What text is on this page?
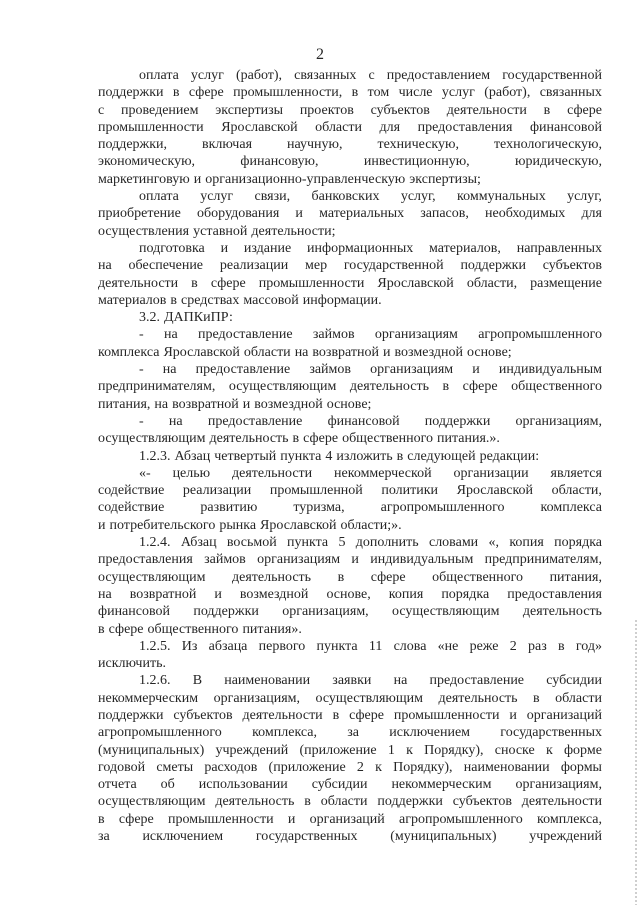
2
оплата услуг (работ), связанных с предоставлением государственной
поддержки в сфере промышленности, в том числе услуг (работ), связанных
с проведением экспертизы проектов субъектов деятельности в сфере
промышленности Ярославской области для предоставления финансовой
поддержки, включая научную, техническую, технологическую,
экономическую,	финансовую,	инвестиционную,	юридическую,
маркетинговую и организационно-управленческую экспертизы;
оплата услуг связи, банковских услуг, коммунальных услуг,
приобретение оборудования и материальных запасов, необходимых для
осуществления уставной деятельности;
подготовка и издание информационных материалов, направленных
на обеспечение реализации мер государственной поддержки субъектов
деятельности в сфере промышленности Ярославской области, размещение
материалов в средствах массовой информации.
3.2. ДАПКиПР:
- на предоставление займов организациям агропромышленного
комплекса Ярославской области на возвратной и возмездной основе;
- на предоставление займов организациям и индивидуальным
предпринимателям, осуществляющим деятельность в сфере общественного
питания, на возвратной и возмездной основе;
- на предоставление финансовой поддержки организациям,
осуществляющим деятельность в сфере общественного питания.».
1.2.3. Абзац четвертый пункта 4 изложить в следующей редакции:
«- целью деятельности некоммерческой организации является
содействие реализации промышленной политики Ярославской области,
содействие	развитию	туризма,	агропромышленного	комплекса
и потребительского рынка Ярославской области;».
1.2.4. Абзац восьмой пункта 5 дополнить словами «, копия порядка
предоставления займов организациям и индивидуальным предпринимателям,
осуществляющим деятельность в сфере общественного питания,
на возвратной и возмездной основе, копия порядка предоставления
финансовой поддержки организациям, осуществляющим деятельность
в сфере общественного питания».
1.2.5. Из абзаца первого пункта 11 слова «не реже 2 раз в год»
исключить.
1.2.6. В наименовании заявки на предоставление субсидии
некоммерческим организациям, осуществляющим деятельность в области
поддержки субъектов деятельности в сфере промышленности и организаций
агропромышленного комплекса, за исключением государственных
(муниципальных) учреждений (приложение 1 к Порядку), сноске к форме
годовой сметы расходов (приложение 2 к Порядку), наименовании формы
отчета об использовании субсидии некоммерческим организациям,
осуществляющим деятельность в области поддержки субъектов деятельности
в сфере промышленности и организаций агропромышленного комплекса,
за исключением государственных (муниципальных) учреждений
